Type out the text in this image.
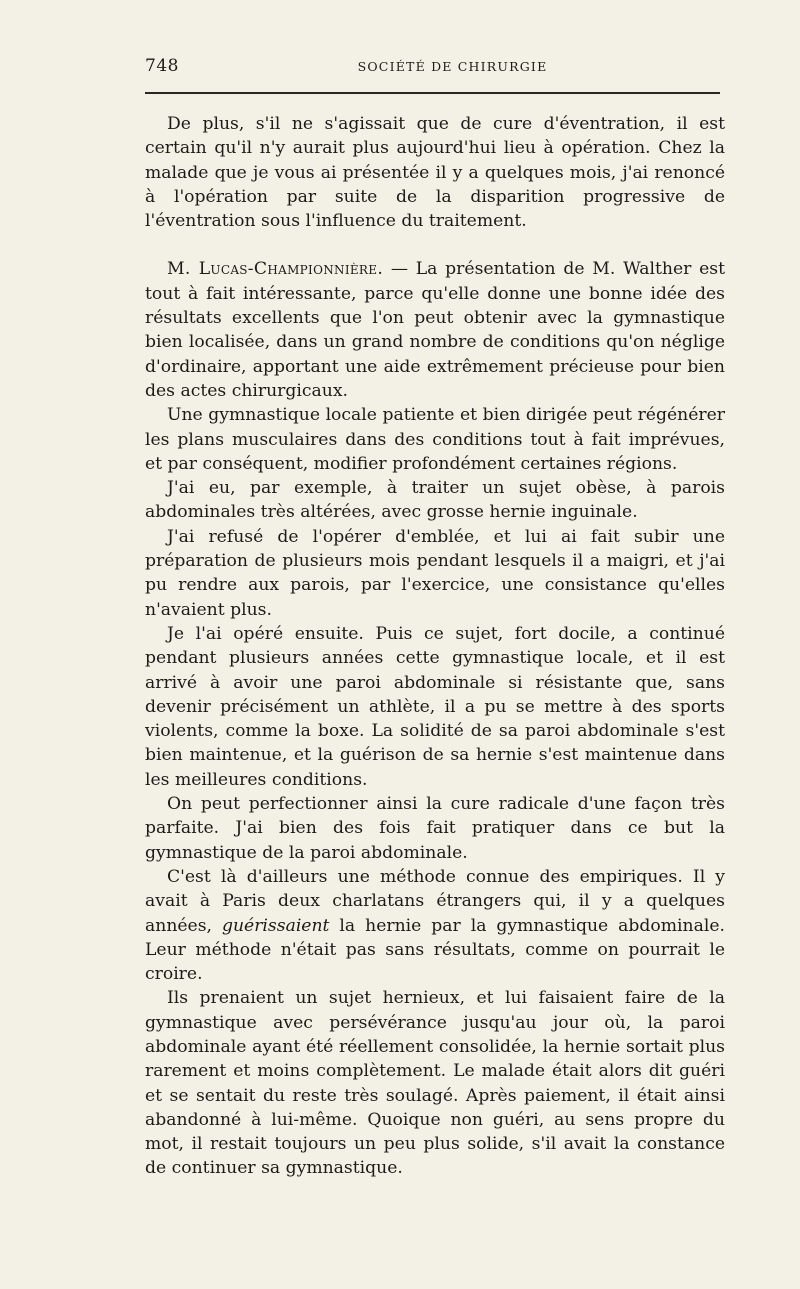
748	SOCIÉTÉ DE CHIRURGIE

De plus, s'il ne s'agissait que de cure d'éventration, il est certain qu'il n'y aurait plus aujourd'hui lieu à opération. Chez la malade que je vous ai présentée il y a quelques mois, j'ai renoncé à l'opération par suite de la disparition progressive de l'éventration sous l'influence du traitement.

M. Lucas-Championnière. — La présentation de M. Walther est tout à fait intéressante, parce qu'elle donne une bonne idée des résultats excellents que l'on peut obtenir avec la gymnastique bien localisée, dans un grand nombre de conditions qu'on néglige d'ordinaire, apportant une aide extrêmement précieuse pour bien des actes chirurgicaux.

Une gymnastique locale patiente et bien dirigée peut régénérer les plans musculaires dans des conditions tout à fait imprévues, et par conséquent, modifier profondément certaines régions.

J'ai eu, par exemple, à traiter un sujet obèse, à parois abdominales très altérées, avec grosse hernie inguinale.

J'ai refusé de l'opérer d'emblée, et lui ai fait subir une préparation de plusieurs mois pendant lesquels il a maigri, et j'ai pu rendre aux parois, par l'exercice, une consistance qu'elles n'avaient plus.

Je l'ai opéré ensuite. Puis ce sujet, fort docile, a continué pendant plusieurs années cette gymnastique locale, et il est arrivé à avoir une paroi abdominale si résistante que, sans devenir précisément un athlète, il a pu se mettre à des sports violents, comme la boxe. La solidité de sa paroi abdominale s'est bien maintenue, et la guérison de sa hernie s'est maintenue dans les meilleures conditions.

On peut perfectionner ainsi la cure radicale d'une façon très parfaite. J'ai bien des fois fait pratiquer dans ce but la gymnastique de la paroi abdominale.

C'est là d'ailleurs une méthode connue des empiriques. Il y avait à Paris deux charlatans étrangers qui, il y a quelques années, guérissaient la hernie par la gymnastique abdominale. Leur méthode n'était pas sans résultats, comme on pourrait le croire.

Ils prenaient un sujet hernieux, et lui faisaient faire de la gymnastique avec persévérance jusqu'au jour où, la paroi abdominale ayant été réellement consolidée, la hernie sortait plus rarement et moins complètement. Le malade était alors dit guéri et se sentait du reste très soulagé. Après paiement, il était ainsi abandonné à lui-même. Quoique non guéri, au sens propre du mot, il restait toujours un peu plus solide, s'il avait la constance de continuer sa gymnastique.
